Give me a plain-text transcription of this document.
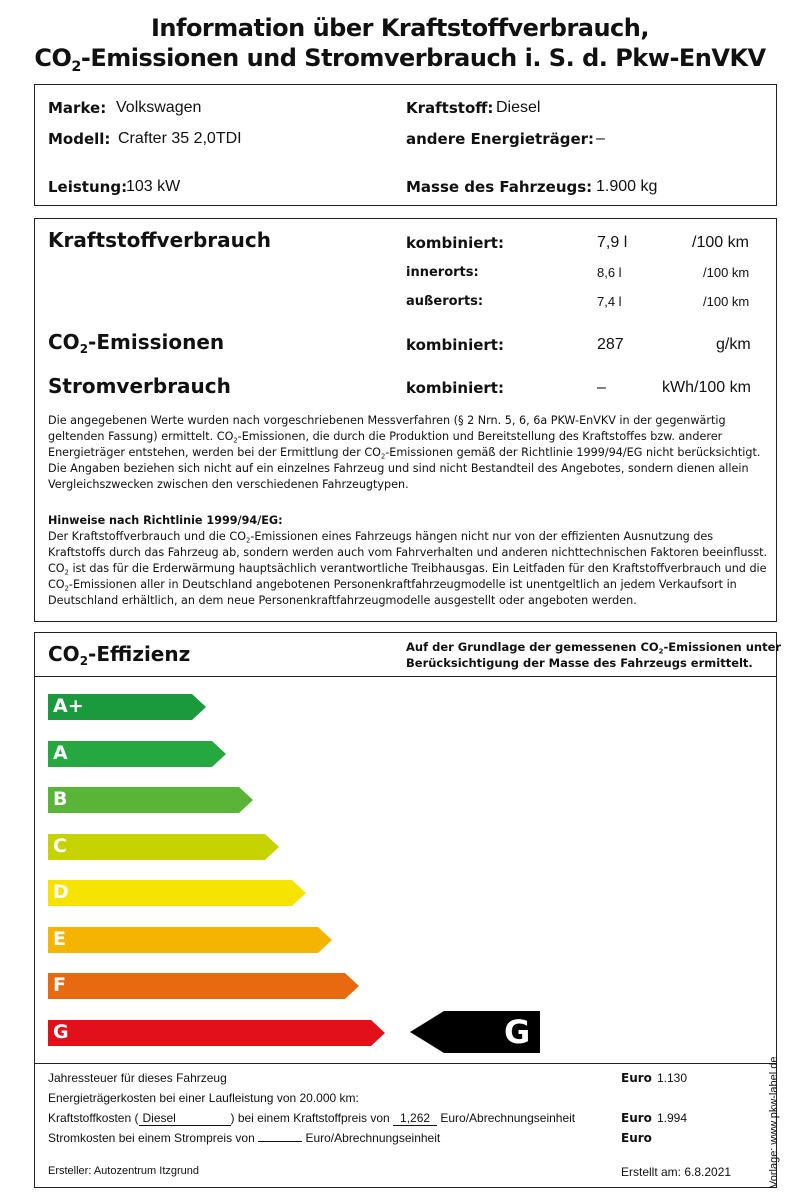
Information über Kraftstoffverbrauch,
$CO_2$-Emissionen und Stromverbrauch i. S. d. Pkw-EnVKV
Marke: Volkswagen
Modell: Crafter 35 2,0TDI
Leistung:
103 kW
Kraftstoff: Diesel
andere Energieträger: –
Masse des Fahrzeugs: 1.900 kg
Kraftstoffverbrauch	kombiniert:	7,9 l	/100 km
innerorts:	8,6 l	/100 km
außerorts:	7,4 l	/100 km
$CO_2$-Emissionen	kombiniert:	287	g/km
Stromverbrauch	kombiniert:	–	kWh/100 km

Die angegebenen Werte wurden nach vorgeschriebenen Messverfahren (§ 2 Nrn. 5, 6, 6a PKW-EnVKV in der gegenwärtig geltenden Fassung) ermittelt. $CO_2$-Emissionen, die durch die Produktion und Bereitstellung des Kraftstoffes bzw. anderer Energieträger entstehen, werden bei der Ermittlung der $CO_2$-Emissionen gemäß der Richtlinie 1999/94/EG nicht berücksichtigt. Die Angaben beziehen sich nicht auf ein einzelnes Fahrzeug und sind nicht Bestandteil des Angebotes, sondern dienen allein Vergleichszwecken zwischen den verschiedenen Fahrzeugtypen.

Hinweise nach Richtlinie 1999/94/EG:

Der Kraftstoffverbrauch und die $CO_2$-Emissionen eines Fahrzeugs hängen nicht nur von der effizienten Ausnutzung des Kraftstoffs durch das Fahrzeug ab, sondern werden auch vom Fahrverhalten und anderen nichttechnischen Faktoren beeinflusst. $CO_2$ ist das für die Erderwärmung hauptsächlich verantwortliche Treibhausgas. Ein Leitfaden für den Kraftstoffverbrauch und die $CO_2$-Emissionen aller in Deutschland angebotenen Personenkraftfahrzeugmodelle ist unentgeltlich an jedem Verkaufsort in Deutschland erhältlich, an dem neue Personenkraftfahrzeugmodelle ausgestellt oder angeboten werden.

$CO_2$-Effizienz	Auf der Grundlage der gemessenen $CO_2$-Emissionen unter
Berücksichtigung der Masse des Fahrzeugs ermittelt.
A+
A
B
C
D
E
F
G	G
Jahressteuer für dieses Fahrzeug	Euro 1.130
Energieträgerkosten bei einer Laufleistung von 20.000 km:
Kraftstoffkosten ( Diesel	) bei einem Kraftstoffpreis von 1,262 Euro/Abrechnungseinheit	Euro 1.994
Stromkosten bei einem Strompreis von	Euro/Abrechnungseinheit	Euro
Ersteller: Autozentrum Itzgrund	Erstellt am: 6.8.2021	Vorlage: www.pkw-label.de
